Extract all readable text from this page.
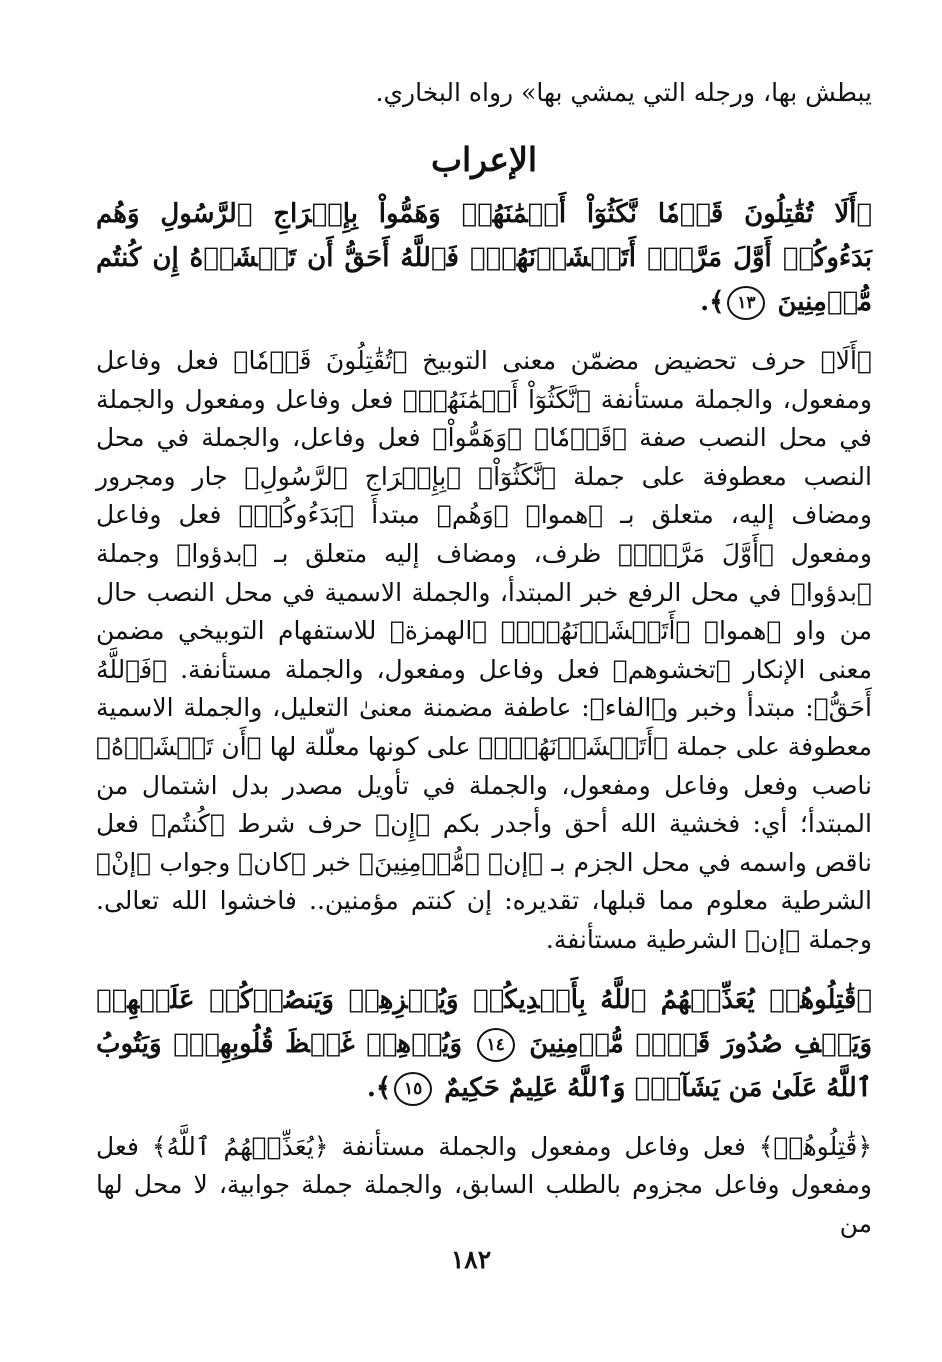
يبطش بها، ورجله التي يمشي بها» رواه البخاري.

الإعراب

﴿أَلَا تُقَٰتِلُونَ قَوۡمٗا نَّكَثُوٓاْ أَيۡمَٰنَهُمۡ وَهَمُّواْ بِإِخۡرَاجِ ٱلرَّسُولِ وَهُم بَدَءُوكُمۡ أَوَّلَ مَرَّةٍۚ أَتَخۡشَوۡنَهُمۡۚ فَٱللَّهُ أَحَقُّ أَن تَخۡشَوۡهُ إِن كُنتُم مُّؤۡمِنِينَ ١٣﴾.

﴿أَلَا﴾ حرف تحضيض مضمّن معنى التوبيخ ﴿تُقَٰتِلُونَ قَوۡمٗا﴾ فعل وفاعل ومفعول، والجملة مستأنفة ﴿نَّكَثُوٓاْ أَيۡمَٰنَهُمۡ﴾ فعل وفاعل ومفعول والجملة في محل النصب صفة ﴿قَوۡمٗا﴾ ﴿وَهَمُّواْ﴾ فعل وفاعل، والجملة في محل النصب معطوفة على جملة ﴿نَّكَثُوٓاْ﴾ ﴿بِإِخۡرَاجِ ٱلرَّسُولِ﴾ جار ومجرور ومضاف إليه، متعلق بـ ﴿هموا﴾ ﴿وَهُم﴾ مبتدأ ﴿بَدَءُوكُمۡ﴾ فعل وفاعل ومفعول ﴿أَوَّلَ مَرَّةٍۚ﴾ ظرف، ومضاف إليه متعلق بـ ﴿بدؤوا﴾ وجملة ﴿بدؤوا﴾ في محل الرفع خبر المبتدأ، والجملة الاسمية في محل النصب حال من واو ﴿هموا﴾ ﴿أَتَخۡشَوۡنَهُمۡۚ﴾ ﴿الهمزة﴾ للاستفهام التوبيخي مضمن معنى الإنكار ﴿تخشوهم﴾ فعل وفاعل ومفعول، والجملة مستأنفة. ﴿فَٱللَّهُ أَحَقُّ﴾: مبتدأ وخبر و﴿الفاء﴾: عاطفة مضمنة معنىٰ التعليل، والجملة الاسمية معطوفة على جملة ﴿أَتَخۡشَوۡنَهُمۡۚ﴾ على كونها معلّلة لها ﴿أَن تَخۡشَوۡهُ﴾ ناصب وفعل وفاعل ومفعول، والجملة في تأويل مصدر بدل اشتمال من المبتدأ؛ أي: فخشية الله أحق وأجدر بكم ﴿إِن﴾ حرف شرط ﴿كُنتُم﴾ فعل ناقص واسمه في محل الجزم بـ ﴿إن﴾ ﴿مُّؤۡمِنِينَ﴾ خبر ﴿كان﴾ وجواب ﴿إنْ﴾ الشرطية معلوم مما قبلها، تقديره: إن كنتم مؤمنين.. فاخشوا الله تعالى. وجملة ﴿إن﴾ الشرطية مستأنفة.

﴿قَٰتِلُوهُمۡ يُعَذِّبۡهُمُ ٱللَّهُ بِأَيۡدِيكُمۡ وَيُخۡزِهِمۡ وَيَنصُرۡكُمۡ عَلَيۡهِمۡ وَيَشۡفِ صُدُورَ قَوۡمٖ مُّؤۡمِنِينَ ١٤ وَيُذۡهِبۡ غَيۡظَ قُلُوبِهِمۡۗ وَيَتُوبُ ٱللَّهُ عَلَىٰ مَن يَشَآءُۗ وَٱللَّهُ عَلِيمٌ حَكِيمٌ ١٥﴾.

﴿قَٰتِلُوهُمۡ﴾ فعل وفاعل ومفعول والجملة مستأنفة ﴿يُعَذِّبۡهُمُ ٱللَّهُ﴾ فعل ومفعول وفاعل مجزوم بالطلب السابق، والجملة جملة جوابية، لا محل لها من

١٨٢
